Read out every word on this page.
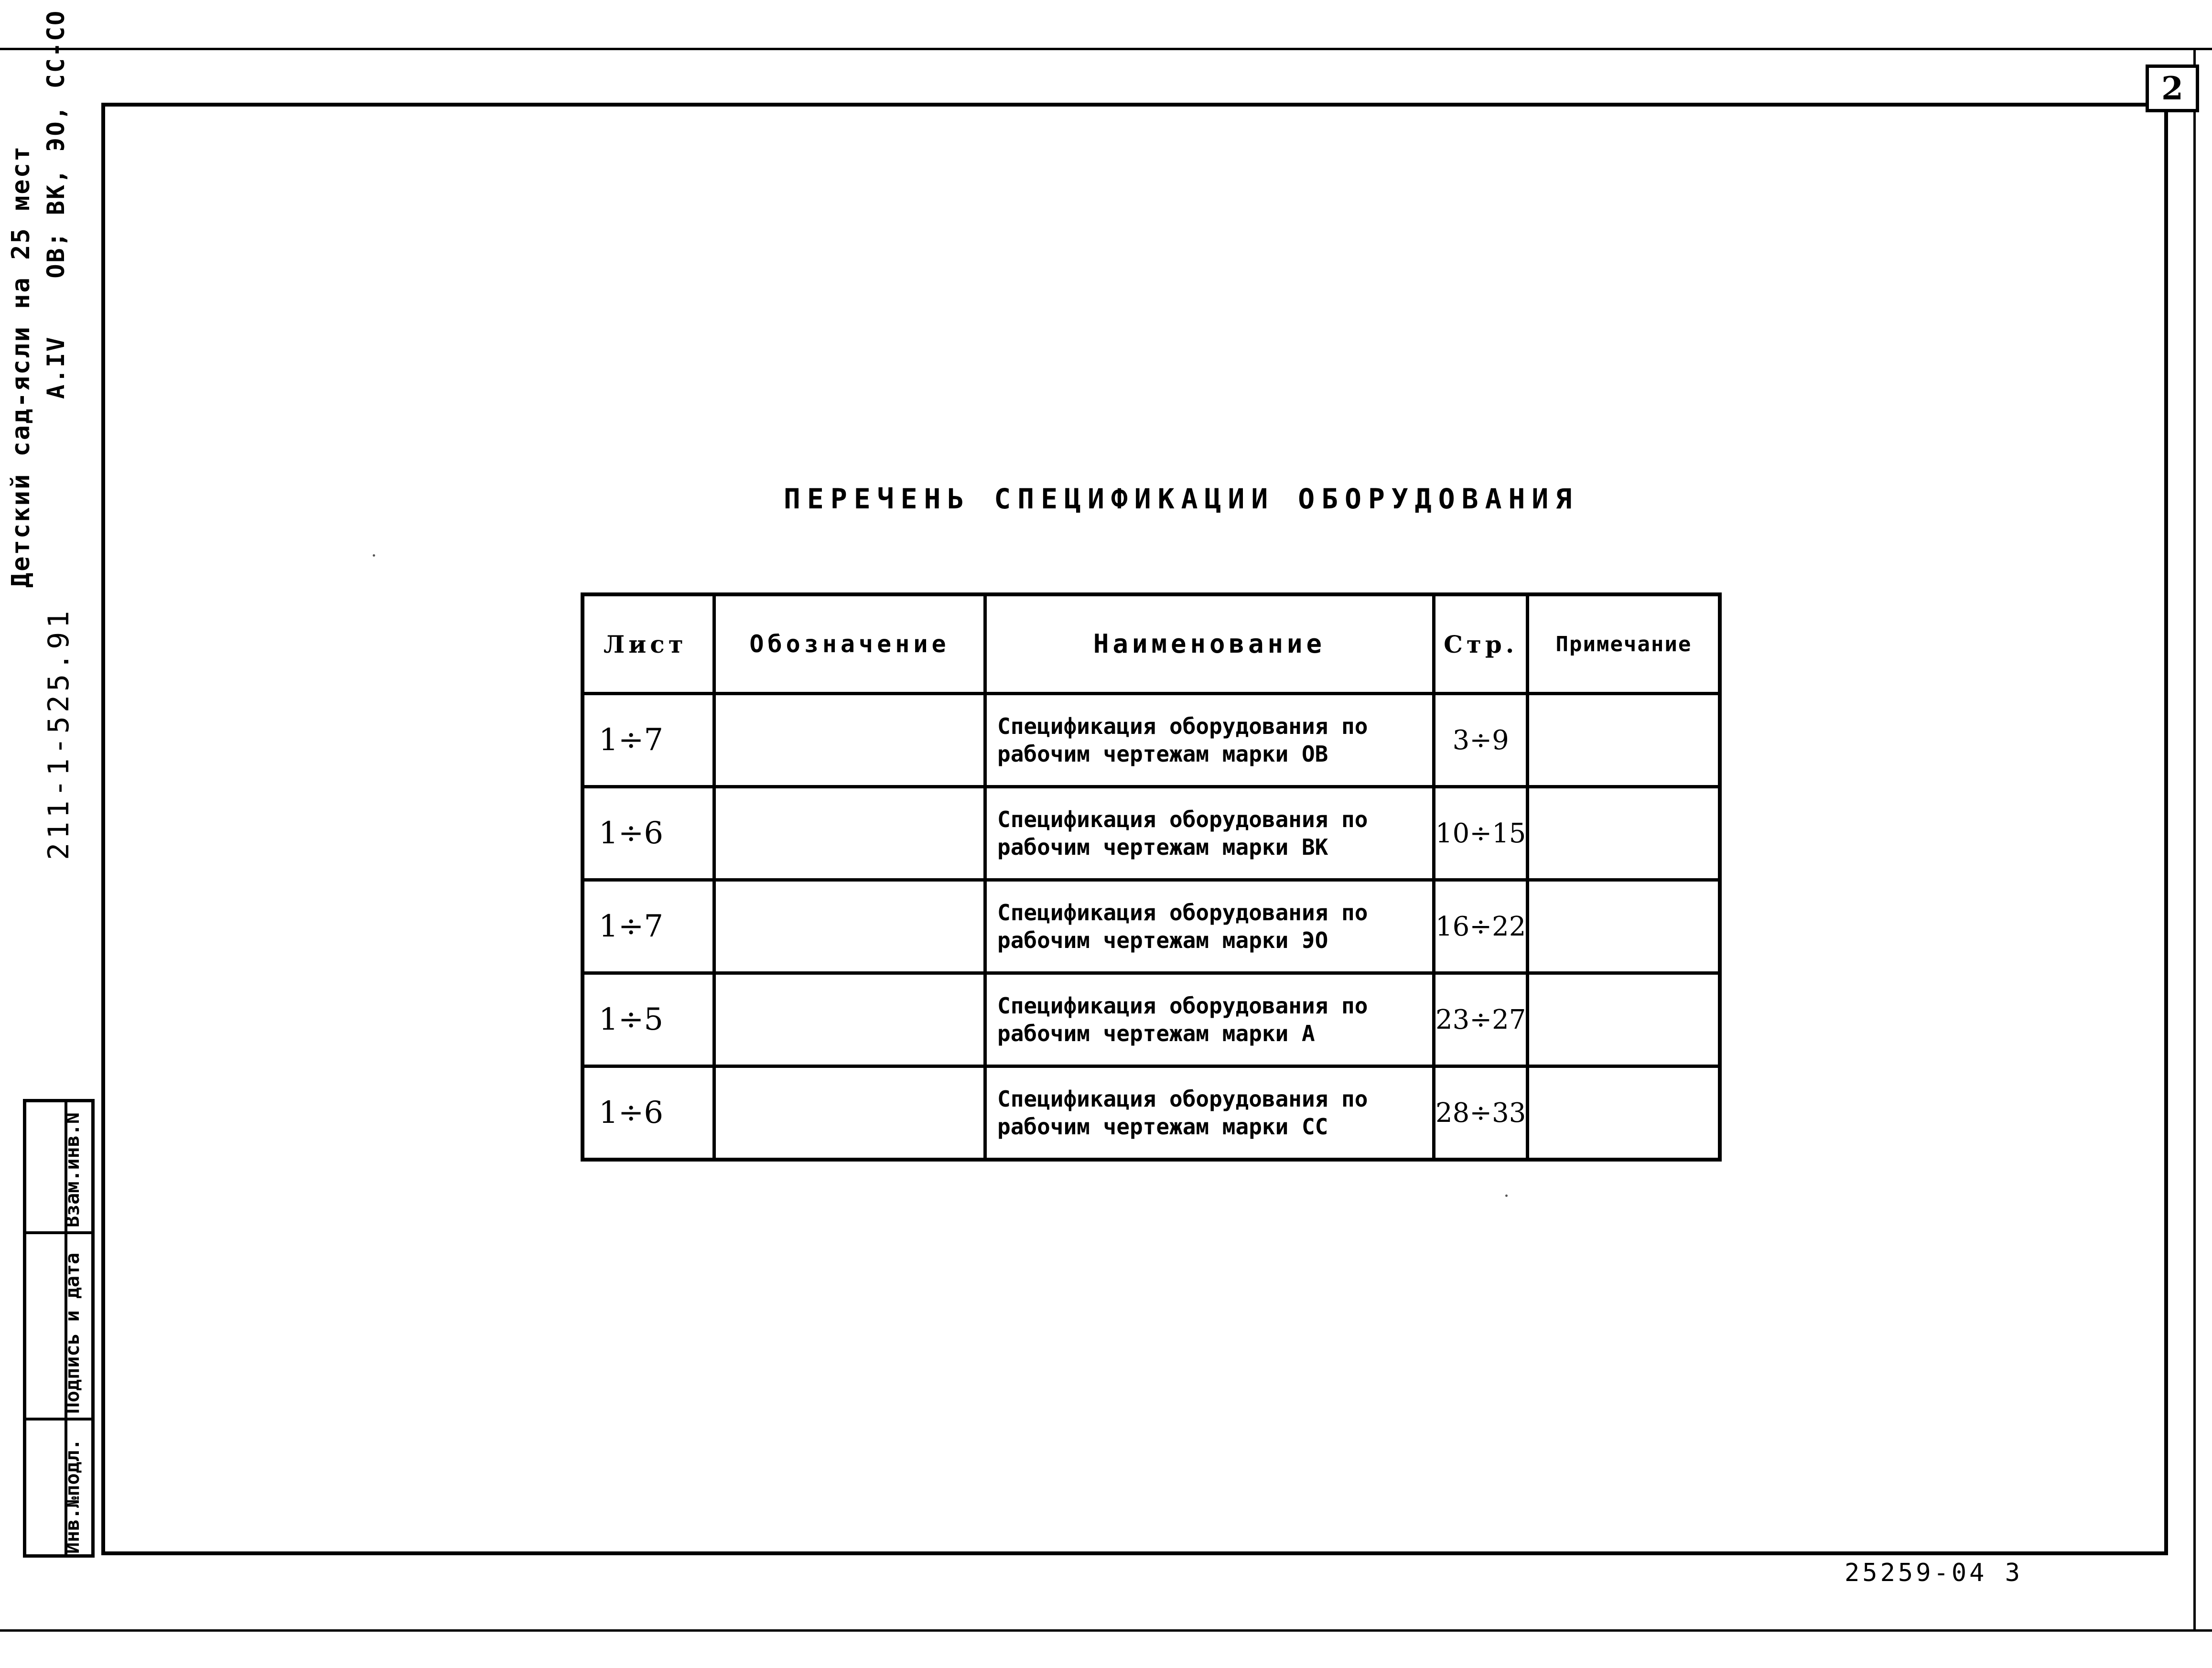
2
Детский сад-ясли на 25 мест А.IV
ОВ; ВК, ЭО, СС-СО
211-1-525.91
Взам.инв.N
Подпись и дата
Инв.№подл.
ПЕРЕЧЕНЬ СПЕЦИФИКАЦИИ ОБОРУДОВАНИЯ
Лист	Обозначение	Наименование	Стр.	Примечание
1÷7		Спецификация оборудования по
рабочим чертежам марки ОВ	3÷9	
1÷6		Спецификация оборудования по
рабочим чертежам марки ВК	10÷15	
1÷7		Спецификация оборудования по
рабочим чертежам марки ЭО	16÷22	
1÷5		Спецификация оборудования по
рабочим чертежам марки А	23÷27	
1÷6		Спецификация оборудования по
рабочим чертежам марки СС	28÷33	
25259-04 3
